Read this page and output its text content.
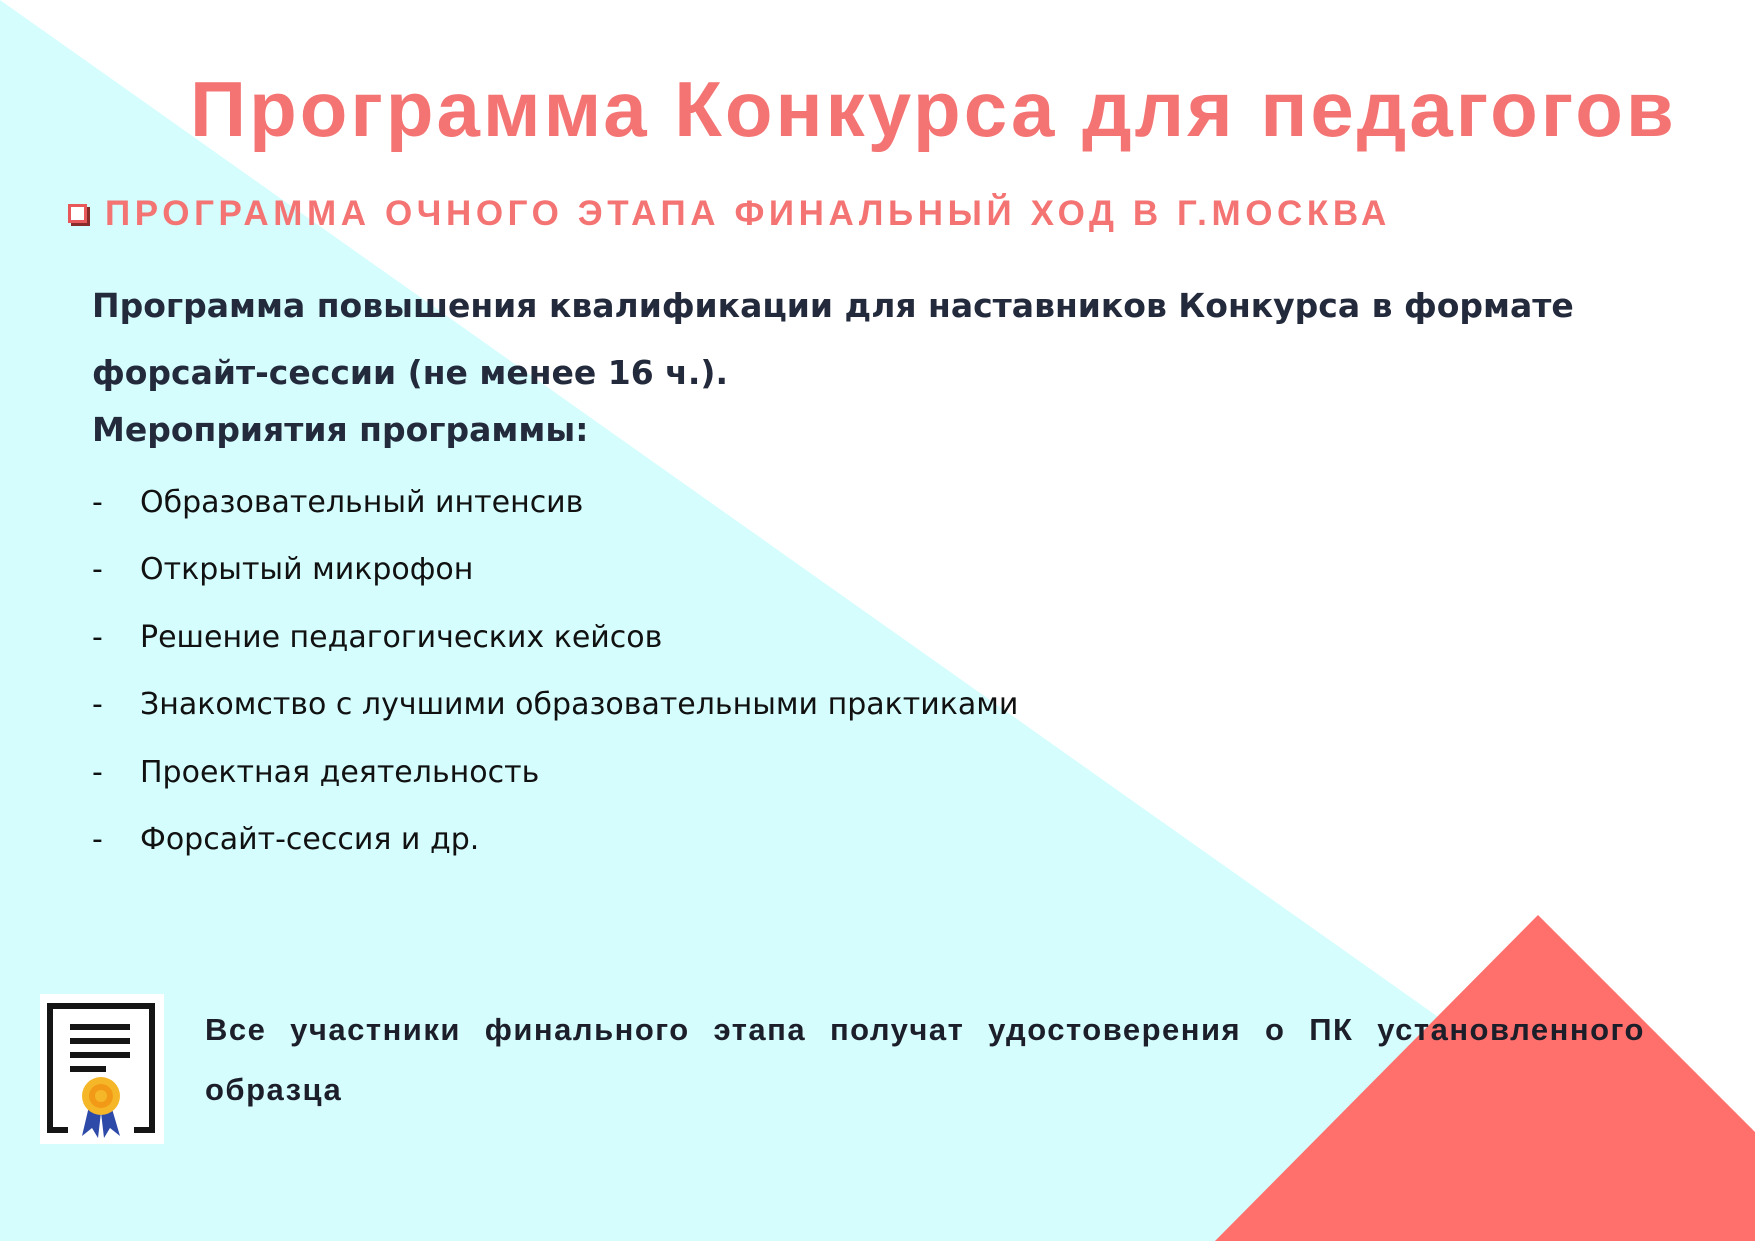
Программа Конкурса для педагогов
ПРОГРАММА ОЧНОГО ЭТАПА ФИНАЛЬНЫЙ ХОД В Г.МОСКВА

Программа повышения квалификации для наставников Конкурса в формате форсайт-сессии (не менее 16 ч.).

Мероприятия программы:

-	Образовательный интенсив
-	Открытый микрофон
-	Решение педагогических кейсов
-	Знакомство с лучшими образовательными практиками
-	Проектная деятельность
-	Форсайт-сессия и др.

Все участники финального этапа получат удостоверения о ПК установленного образца
